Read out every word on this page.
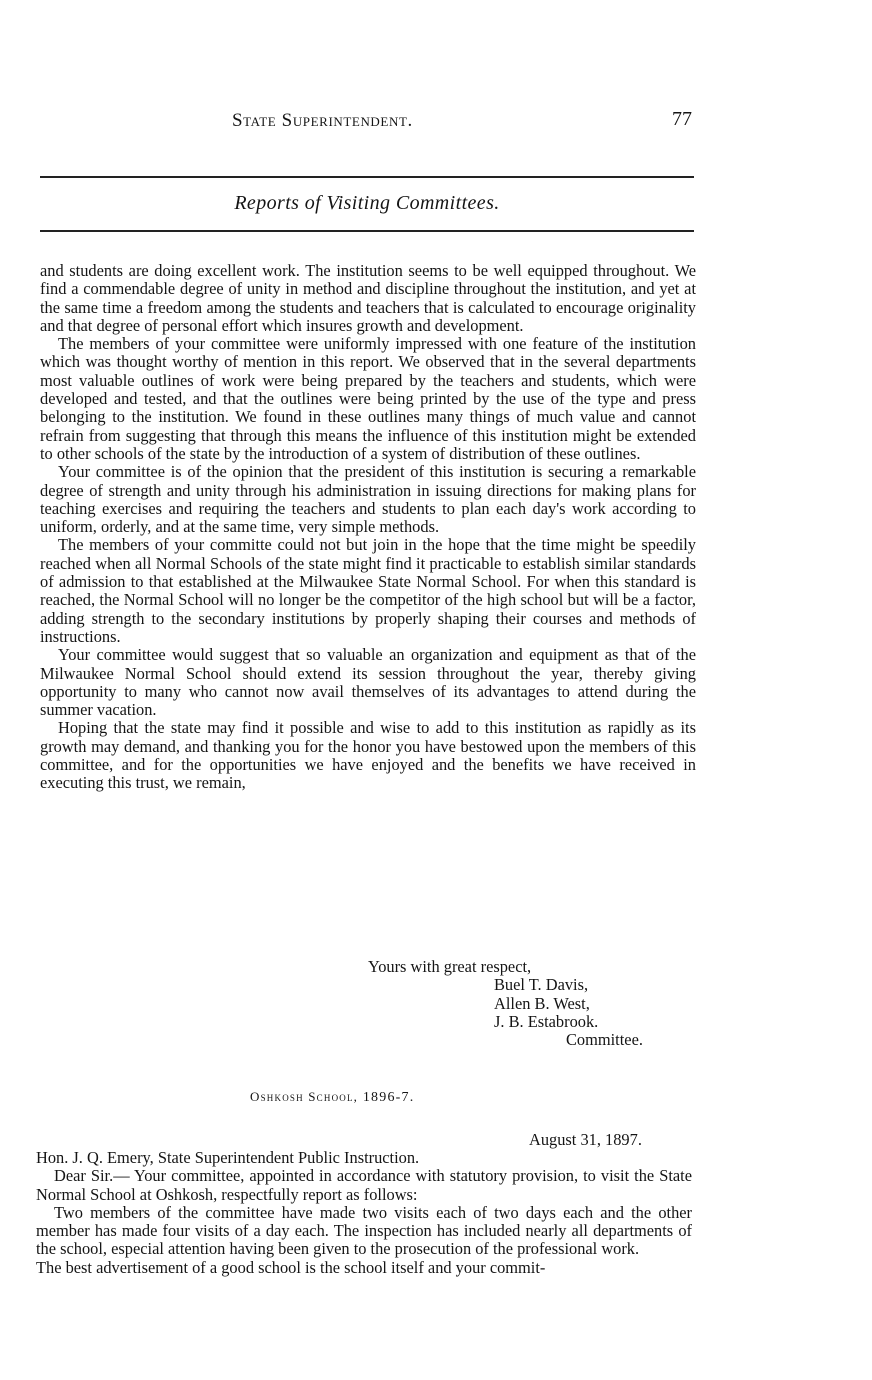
State Superintendent.	77
Reports of Visiting Committees.

and students are doing excellent work. The institution seems to be well equipped throughout. We find a commendable degree of unity in method and discipline throughout the institution, and yet at the same time a freedom among the students and teachers that is calculated to encourage originality and that degree of personal effort which insures growth and development.

The members of your committee were uniformly impressed with one feature of the institution which was thought worthy of mention in this report. We observed that in the several departments most valuable outlines of work were being prepared by the teachers and students, which were developed and tested, and that the outlines were being printed by the use of the type and press belonging to the institution. We found in these outlines many things of much value and cannot refrain from suggesting that through this means the influence of this institution might be extended to other schools of the state by the introduction of a system of distribution of these outlines.

Your committee is of the opinion that the president of this institution is securing a remarkable degree of strength and unity through his administration in issuing directions for making plans for teaching exercises and requiring the teachers and students to plan each day's work according to uniform, orderly, and at the same time, very simple methods.

The members of your committe could not but join in the hope that the time might be speedily reached when all Normal Schools of the state might find it practicable to establish similar standards of admission to that established at the Milwaukee State Normal School. For when this standard is reached, the Normal School will no longer be the competitor of the high school but will be a factor, adding strength to the secondary institutions by properly shaping their courses and methods of instructions.

Your committee would suggest that so valuable an organization and equipment as that of the Milwaukee Normal School should extend its session throughout the year, thereby giving opportunity to many who cannot now avail themselves of its advantages to attend during the summer vacation.

Hoping that the state may find it possible and wise to add to this institution as rapidly as its growth may demand, and thanking you for the honor you have bestowed upon the members of this committee, and for the opportunities we have enjoyed and the benefits we have received in executing this trust, we remain,

Yours with great respect,
Buel T. Davis,
Allen B. West,
J. B. Estabrook.
Committee.
Oshkosh School, 1896-7.
August 31, 1897.

Hon. J. Q. Emery, State Superintendent Public Instruction.

Dear Sir.— Your committee, appointed in accordance with statutory provision, to visit the State Normal School at Oshkosh, respectfully report as follows:

Two members of the committee have made two visits each of two days each and the other member has made four visits of a day each. The inspection has included nearly all departments of the school, especial attention having been given to the prosecution of the professional work.

The best advertisement of a good school is the school itself and your commit-
